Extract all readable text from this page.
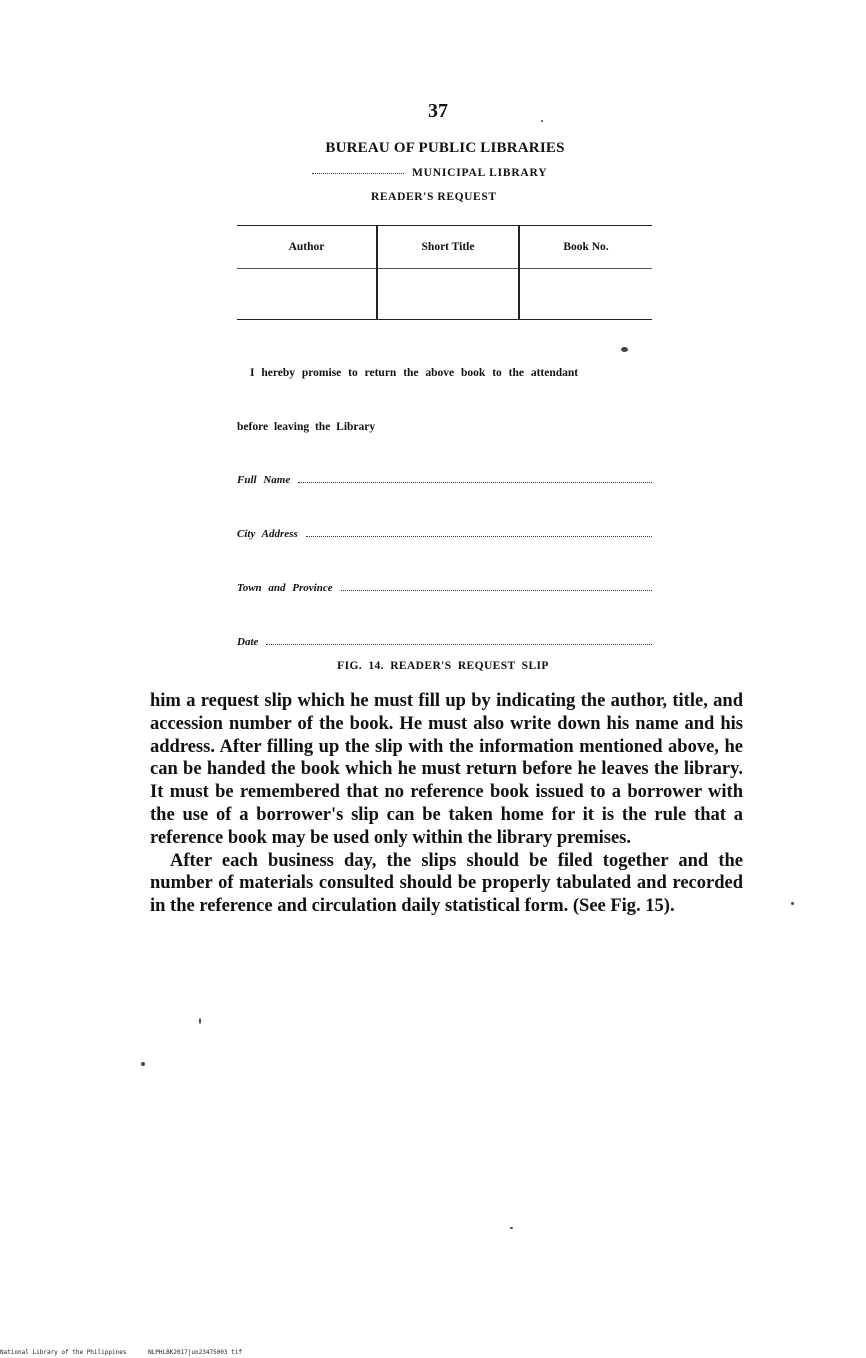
37
BUREAU OF PUBLIC LIBRARIES
MUNICIPAL LIBRARY
READER'S REQUEST
Author	Short Title	Book No.

I hereby promise to return the above book to the attendant
before leaving the Library
Full Name
City Address
Town and Province
Date
FIG. 14. READER'S REQUEST SLIP

him a request slip which he must fill up by indicating the author, title, and accession number of the book. He must also write down his name and his address. After filling up the slip with the information mentioned above, he can be handed the book which he must return before he leaves the library. It must be remembered that no reference book issued to a borrower with the use of a borrower's slip can be taken home for it is the rule that a reference book may be used only within the library premises.

After each business day, the slips should be filed together and the number of materials consulted should be properly tabulated and recorded in the reference and circulation daily statistical form. (See Fig. 15).

National Library of the Philippines	NLPHLBK2017jun23475003 tif
